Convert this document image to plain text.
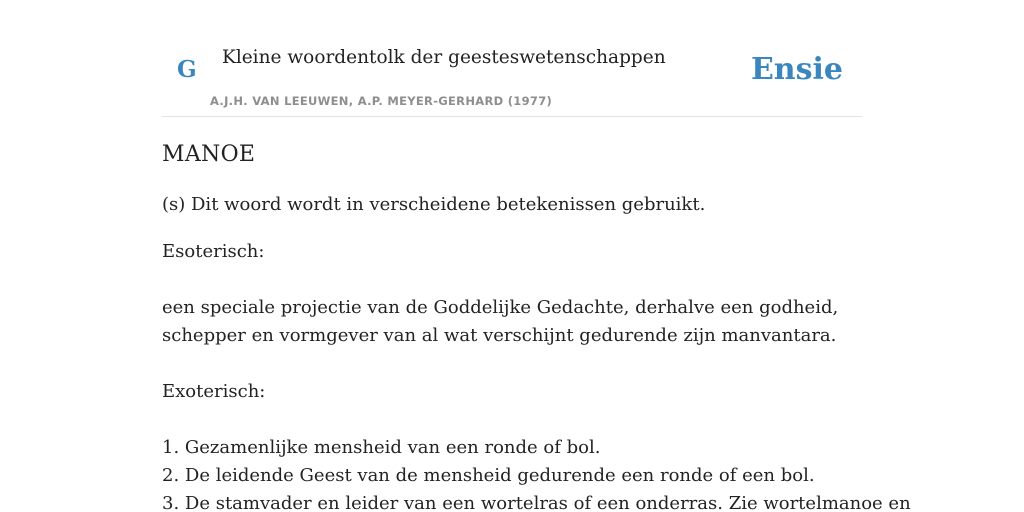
G Kleine woordentolk der geesteswetenschappen
A.J.H. VAN LEEUWEN, A.P. MEYER-GERHARD (1977)
Ensie
MANOE

(s) Dit woord wordt in verscheidene betekenissen gebruikt.

Esoterisch:

een speciale projectie van de Goddelijke Gedachte, derhalve een godheid, schepper en vormgever van al wat verschijnt gedurende zijn manvantara.

Exoterisch:

1. Gezamenlijke mensheid van een ronde of bol.
2. De leidende Geest van de mensheid gedurende een ronde of een bol.
3. De stamvader en leider van een wortelras of een onderras. Zie wortelmanoe en
